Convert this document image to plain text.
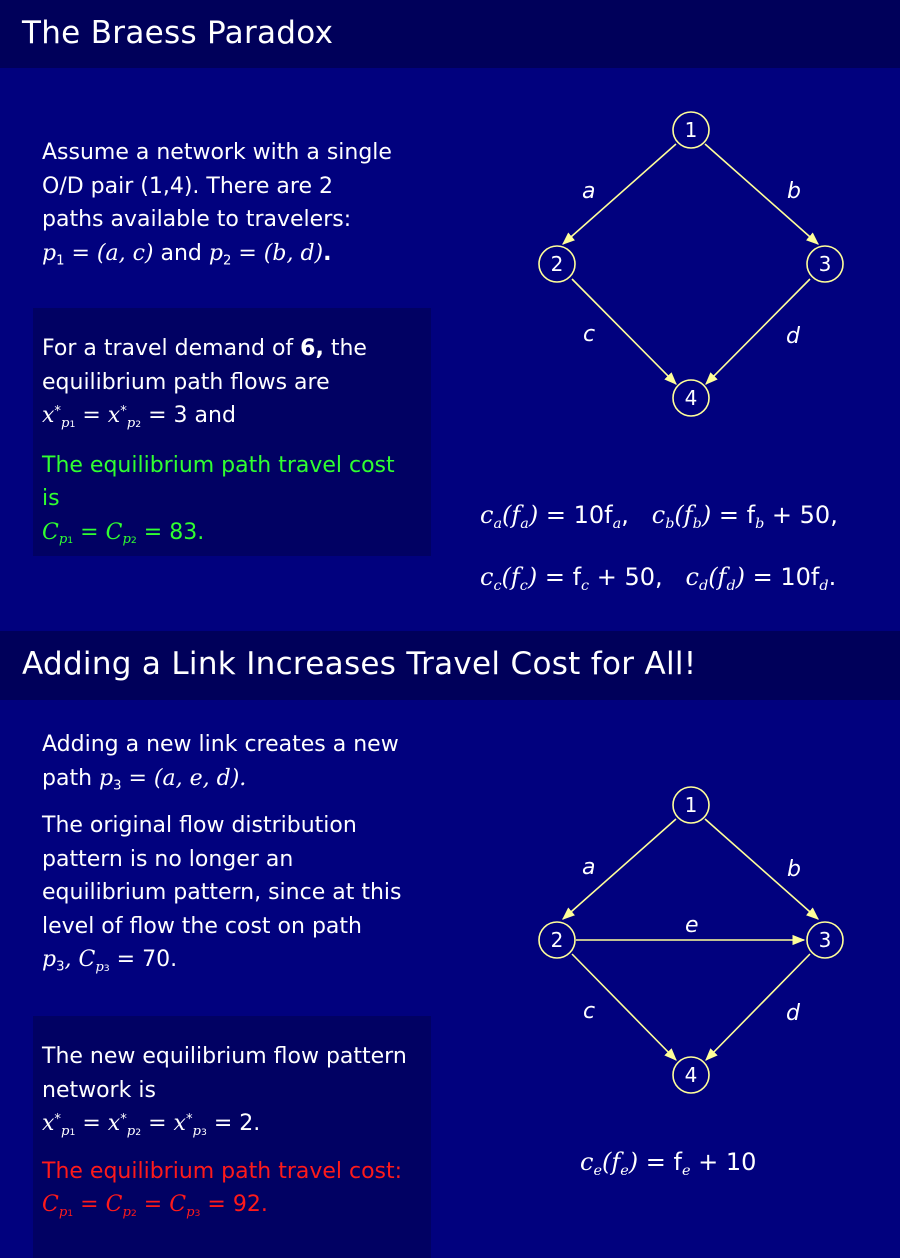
The Braess Paradox
Assume a network with a single
O/D pair (1,4). There are 2
paths available to travelers:
$p_1 = (a$, c) and $p_2 = (b$, d).
For a travel demand of 6, the
equilibrium path flows are
$x^*_{p1} = x^*_{p2} = 3$ and
The equilibrium path travel cost
is
$C_{p1} = C_{p2} = 83$.
1
2	3
4
a	b
c	d
$c_a(f_a) = 10f_a$,   $c_b(f_b) = f_b + 50$,
$c_c(f_c) = f_c + 50$, $c_d(f_d) = 10f_d$.
Adding a Link Increases Travel Cost for All!
Adding a new link creates a new
path $p_3 = (a$, e, d).
The original flow distribution
pattern is no longer an
equilibrium pattern, since at this
level of flow the cost on path
$p_3$, $C_{p3} = 70$.
The new equilibrium flow pattern
network is
$x^*_{p1} = x^*_{p2} = x^*_{p3} = 2$.
The equilibrium path travel cost:
$C_{p1} = C_{p2} = C_{p3} = 92$.
1
2	3
4
a	b
c	d
e
$c_e(f_e) = f_e + 10$
